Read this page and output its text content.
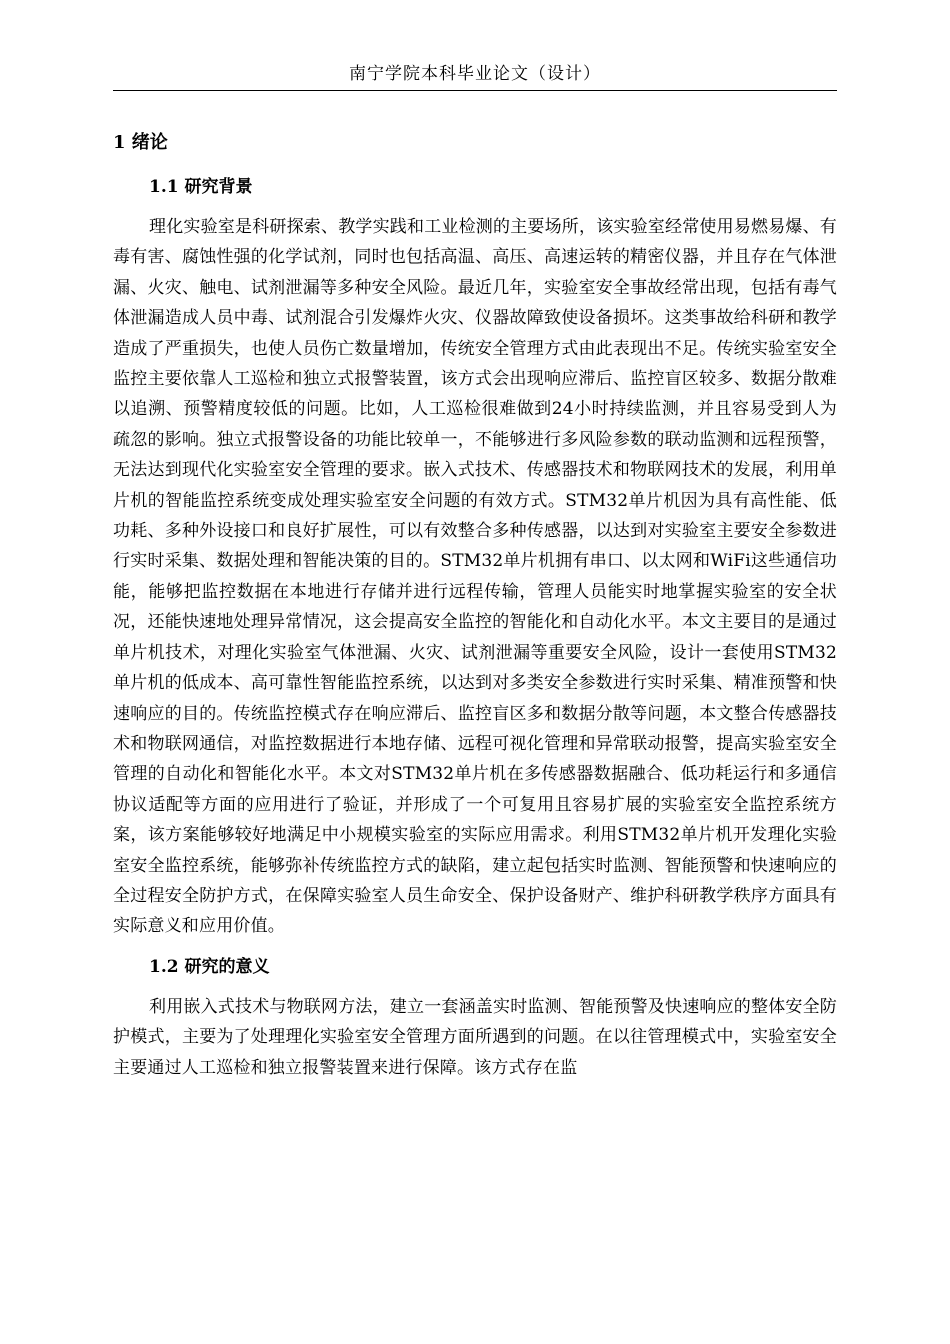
南宁学院本科毕业论文（设计）
1 绪论
1.1 研究背景

理化实验室是科研探索、教学实践和工业检测的主要场所，该实验室经常使用易燃易爆、有毒有害、腐蚀性强的化学试剂，同时也包括高温、高压、高速运转的精密仪器，并且存在气体泄漏、火灾、触电、试剂泄漏等多种安全风险。最近几年，实验室安全事故经常出现，包括有毒气体泄漏造成人员中毒、试剂混合引发爆炸火灾、仪器故障致使设备损坏。这类事故给科研和教学造成了严重损失，也使人员伤亡数量增加，传统安全管理方式由此表现出不足。传统实验室安全监控主要依靠人工巡检和独立式报警装置，该方式会出现响应滞后、监控盲区较多、数据分散难以追溯、预警精度较低的问题。比如，人工巡检很难做到24小时持续监测，并且容易受到人为疏忽的影响。独立式报警设备的功能比较单一，不能够进行多风险参数的联动监测和远程预警，无法达到现代化实验室安全管理的要求。嵌入式技术、传感器技术和物联网技术的发展，利用单片机的智能监控系统变成处理实验室安全问题的有效方式。STM32单片机因为具有高性能、低功耗、多种外设接口和良好扩展性，可以有效整合多种传感器，以达到对实验室主要安全参数进行实时采集、数据处理和智能决策的目的。STM32单片机拥有串口、以太网和WiFi这些通信功能，能够把监控数据在本地进行存储并进行远程传输，管理人员能实时地掌握实验室的安全状况，还能快速地处理异常情况，这会提高安全监控的智能化和自动化水平。本文主要目的是通过单片机技术，对理化实验室气体泄漏、火灾、试剂泄漏等重要安全风险，设计一套使用STM32单片机的低成本、高可靠性智能监控系统，以达到对多类安全参数进行实时采集、精准预警和快速响应的目的。传统监控模式存在响应滞后、监控盲区多和数据分散等问题，本文整合传感器技术和物联网通信，对监控数据进行本地存储、远程可视化管理和异常联动报警，提高实验室安全管理的自动化和智能化水平。本文对STM32单片机在多传感器数据融合、低功耗运行和多通信协议适配等方面的应用进行了验证，并形成了一个可复用且容易扩展的实验室安全监控系统方案，该方案能够较好地满足中小规模实验室的实际应用需求。利用STM32单片机开发理化实验室安全监控系统，能够弥补传统监控方式的缺陷，建立起包括实时监测、智能预警和快速响应的全过程安全防护方式，在保障实验室人员生命安全、保护设备财产、维护科研教学秩序方面具有实际意义和应用价值。

1.2 研究的意义

利用嵌入式技术与物联网方法，建立一套涵盖实时监测、智能预警及快速响应的整体安全防护模式，主要为了处理理化实验室安全管理方面所遇到的问题。在以往管理模式中，实验室安全主要通过人工巡检和独立报警装置来进行保障。该方式存在监
